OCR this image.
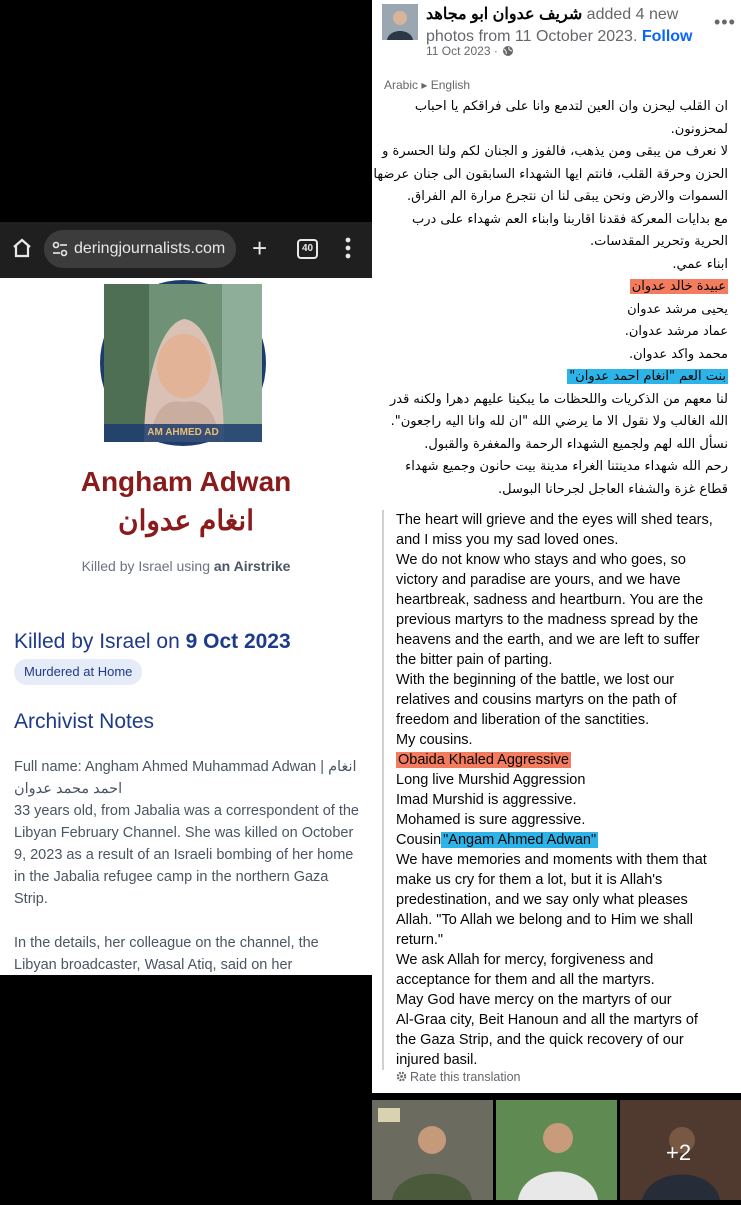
deringjournalists.com +	40
AM AHMED AD
Angham Adwan
انغام عدوان
Killed by Israel using an Airstrike
Killed by Israel on 9 Oct 2023
Murdered at Home
Archivist Notes
Full name: Angham Ahmed Muhammad Adwan | انغام احمد محمد عدوان

33 years old, from Jabalia was a correspondent of the Libyan February Channel. She was killed on October 9, 2023 as a result of an Israeli bombing of her home in the Jabalia refugee camp in the northern Gaza Strip.

In the details, her colleague on the channel, the Libyan broadcaster, Wasal Atiq, said on her

شريف عدوان ابو مجاهد added 4 new photos from 11 October 2023. Follow
11 Oct 2023 ·
•••
Arabic ▸ English
ان القلب ليحزن وان العين لتدمع وانا على فراقكم يا احباب
لمحزونون.
لا نعرف من يبقى ومن يذهب، فالفوز و الجنان لكم ولنا الحسرة و
الحزن وحرقة القلب، فانتم ايها الشهداء السابقون الى جنان عرضها
السموات والارض ونحن يبقى لنا ان نتجرع مرارة الم الفراق.
مع بدايات المعركة فقدنا اقاربنا وابناء العم شهداء على درب
الحرية وتحرير المقدسات.
ابناء عمي.
عبيدة خالد عدوان
يحيى مرشد عدوان
عماد مرشد عدوان.
محمد واكد عدوان.
بنت العم "انغام احمد عدوان"
لنا معهم من الذكريات واللحظات ما يبكينا عليهم دهرا ولكنه قدر
الله الغالب ولا نقول الا ما يرضي الله "ان لله وانا اليه راجعون".
نسأل الله لهم ولجميع الشهداء الرحمة والمغفرة والقبول.
رحم الله شهداء مدينتنا الغراء مدينة بيت حانون وجميع شهداء
قطاع غزة والشفاء العاجل لجرحانا البوسل.
The heart will grieve and the eyes will shed tears,
and I miss you my sad loved ones.
We do not know who stays and who goes, so
victory and paradise are yours, and we have
heartbreak, sadness and heartburn. You are the
previous martyrs to the madness spread by the
heavens and the earth, and we are left to suffer
the bitter pain of parting.
With the beginning of the battle, we lost our
relatives and cousins martyrs on the path of
freedom and liberation of the sanctities.
My cousins.
Obaida Khaled Aggressive
Long live Murshid Aggression
Imad Murshid is aggressive.
Mohamed is sure aggressive.
Cousin "Angam Ahmed Adwan"
We have memories and moments with them that
make us cry for them a lot, but it is Allah's
predestination, and we say only what pleases
Allah. "To Allah we belong and to Him we shall
return."
We ask Allah for mercy, forgiveness and
acceptance for them and all the martyrs.
May God have mercy on the martyrs of our
Al-Graa city, Beit Hanoun and all the martyrs of
the Gaza Strip, and the quick recovery of our
injured basil.
Rate this translation
+2
